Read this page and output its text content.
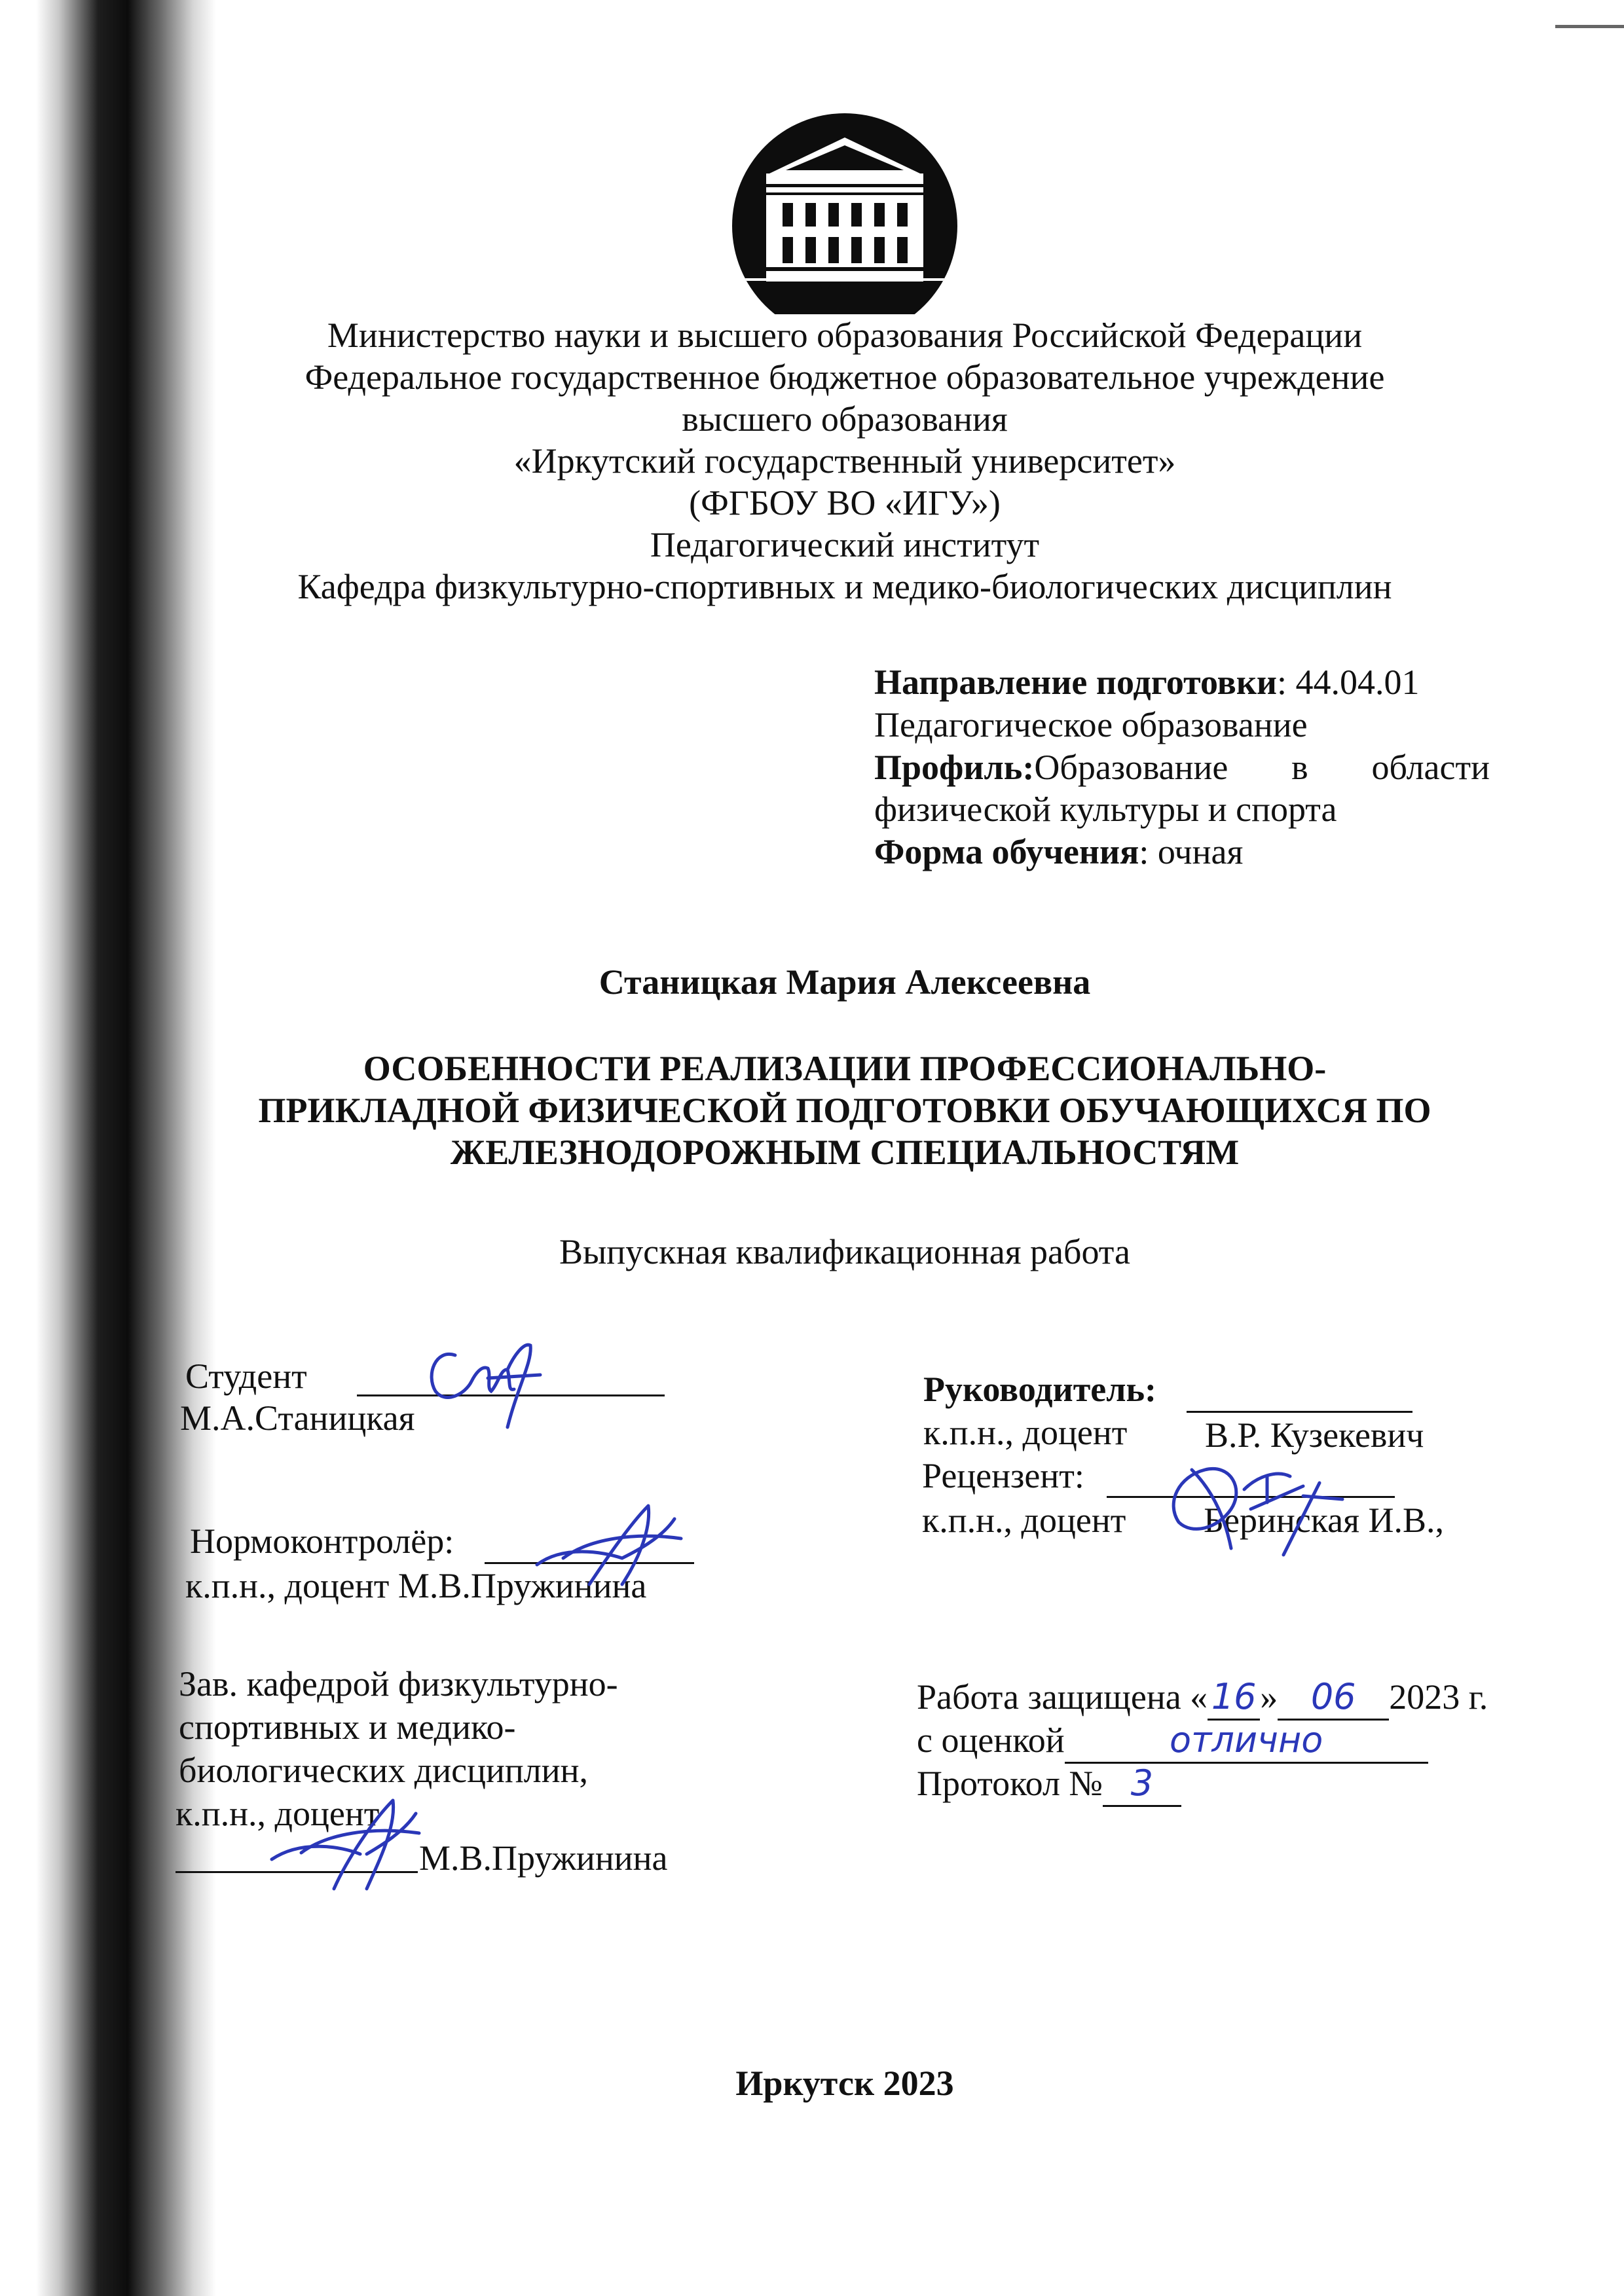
Министерство науки и высшего образования Российской Федерации
Федеральное государственное бюджетное образовательное учреждение
высшего образования
«Иркутский государственный университет»
(ФГБОУ ВО «ИГУ»)
Педагогический институт
Кафедра физкультурно-спортивных и медико-биологических дисциплин
Направление подготовки: 44.04.01
Педагогическое образование
Профиль:Образование в области
физической культуры и спорта
Форма обучения: очная
Станицкая Мария Алексеевна
ОСОБЕННОСТИ РЕАЛИЗАЦИИ ПРОФЕССИОНАЛЬНО-
ПРИКЛАДНОЙ ФИЗИЧЕСКОЙ ПОДГОТОВКИ ОБУЧАЮЩИХСЯ ПО
ЖЕЛЕЗНОДОРОЖНЫМ СПЕЦИАЛЬНОСТЯМ
Выпускная квалификационная работа
Студент
М.А.Станицкая
Нормоконтролёр:
к.п.н., доцент М.В.Пружинина
Зав. кафедрой физкультурно-
спортивных и медико-
биологических дисциплин,
к.п.н., доцент
М.В.Пружинина
Руководитель:
к.п.н., доцент В.Р. Кузекевич
Рецензент:
к.п.н., доцент Беринская И.В.,
Работа защищена « 16 » 06 2023 г.
с оценкой	отлично
Протокол № 3
Иркутск 2023
